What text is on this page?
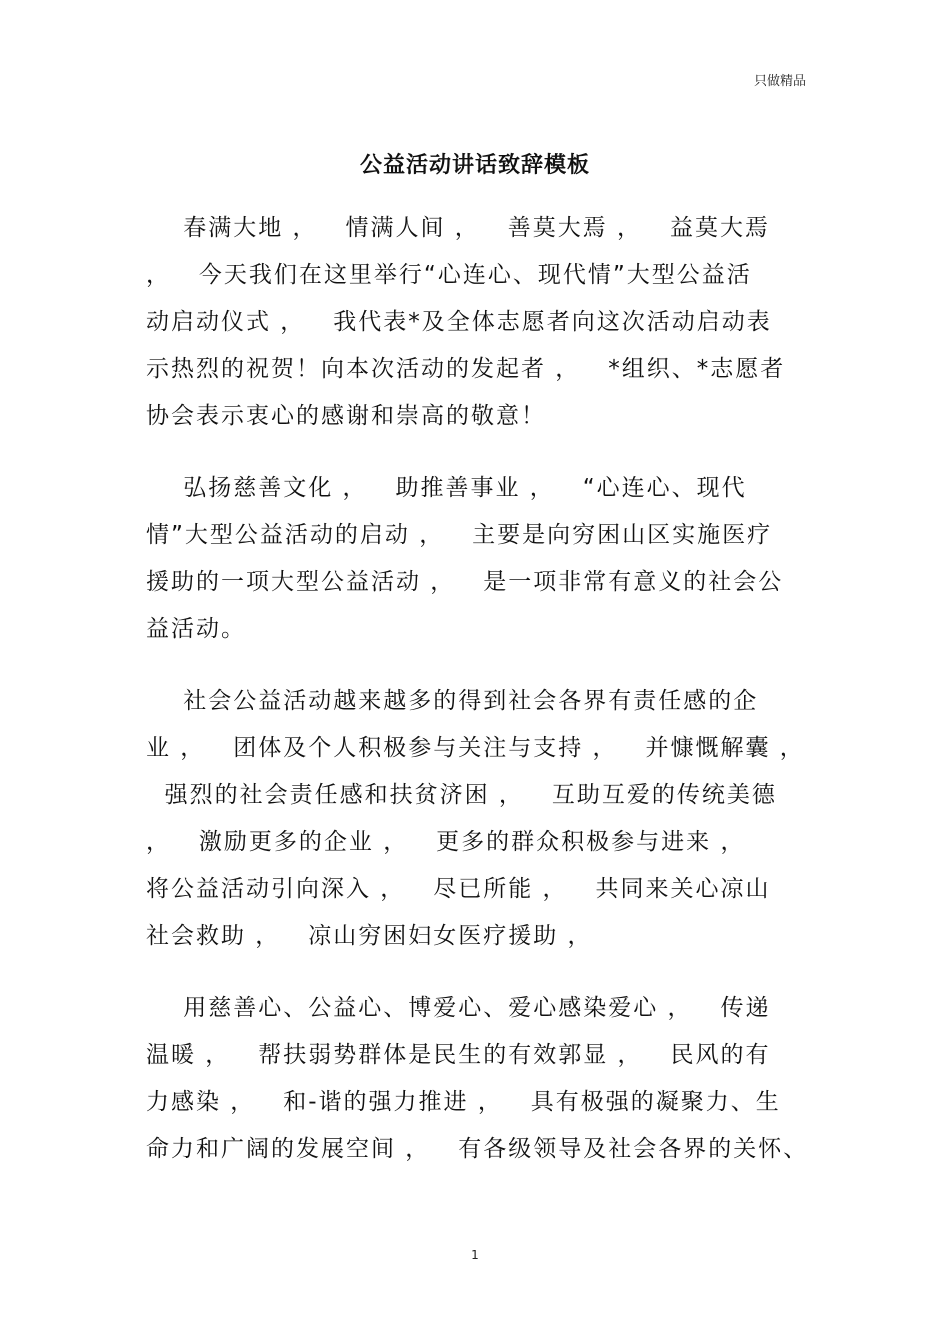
只做精品
公益活动讲话致辞模板
春满大地 ，   情满人间 ，   善莫大焉 ，   益莫大焉
，   今天我们在这里举行“心连心、现代情”大型公益活
动启动仪式 ，   我代表*及全体志愿者向这次活动启动表
示热烈的祝贺！向本次活动的发起者 ，   *组织、*志愿者
协会表示衷心的感谢和崇高的敬意！
弘扬慈善文化 ，   助推善事业 ，   “心连心、现代
情”大型公益活动的启动 ，   主要是向穷困山区实施医疗
援助的一项大型公益活动 ，   是一项非常有意义的社会公
益活动。
社会公益活动越来越多的得到社会各界有责任感的企
业 ，   团体及个人积极参与关注与支持 ，   并慷慨解囊 ，
强烈的社会责任感和扶贫济困 ，   互助互爱的传统美德
，   激励更多的企业 ，   更多的群众积极参与进来 ，
将公益活动引向深入 ，   尽已所能 ，   共同来关心凉山
社会救助 ，   凉山穷困妇女医疗援助 ，
用慈善心、公益心、博爱心、爱心感染爱心 ，   传递
温暖 ，   帮扶弱势群体是民生的有效郭显 ，   民风的有
力感染 ，   和-谐的强力推进 ，   具有极强的凝聚力、生
命力和广阔的发展空间 ，   有各级领导及社会各界的关怀、
1
